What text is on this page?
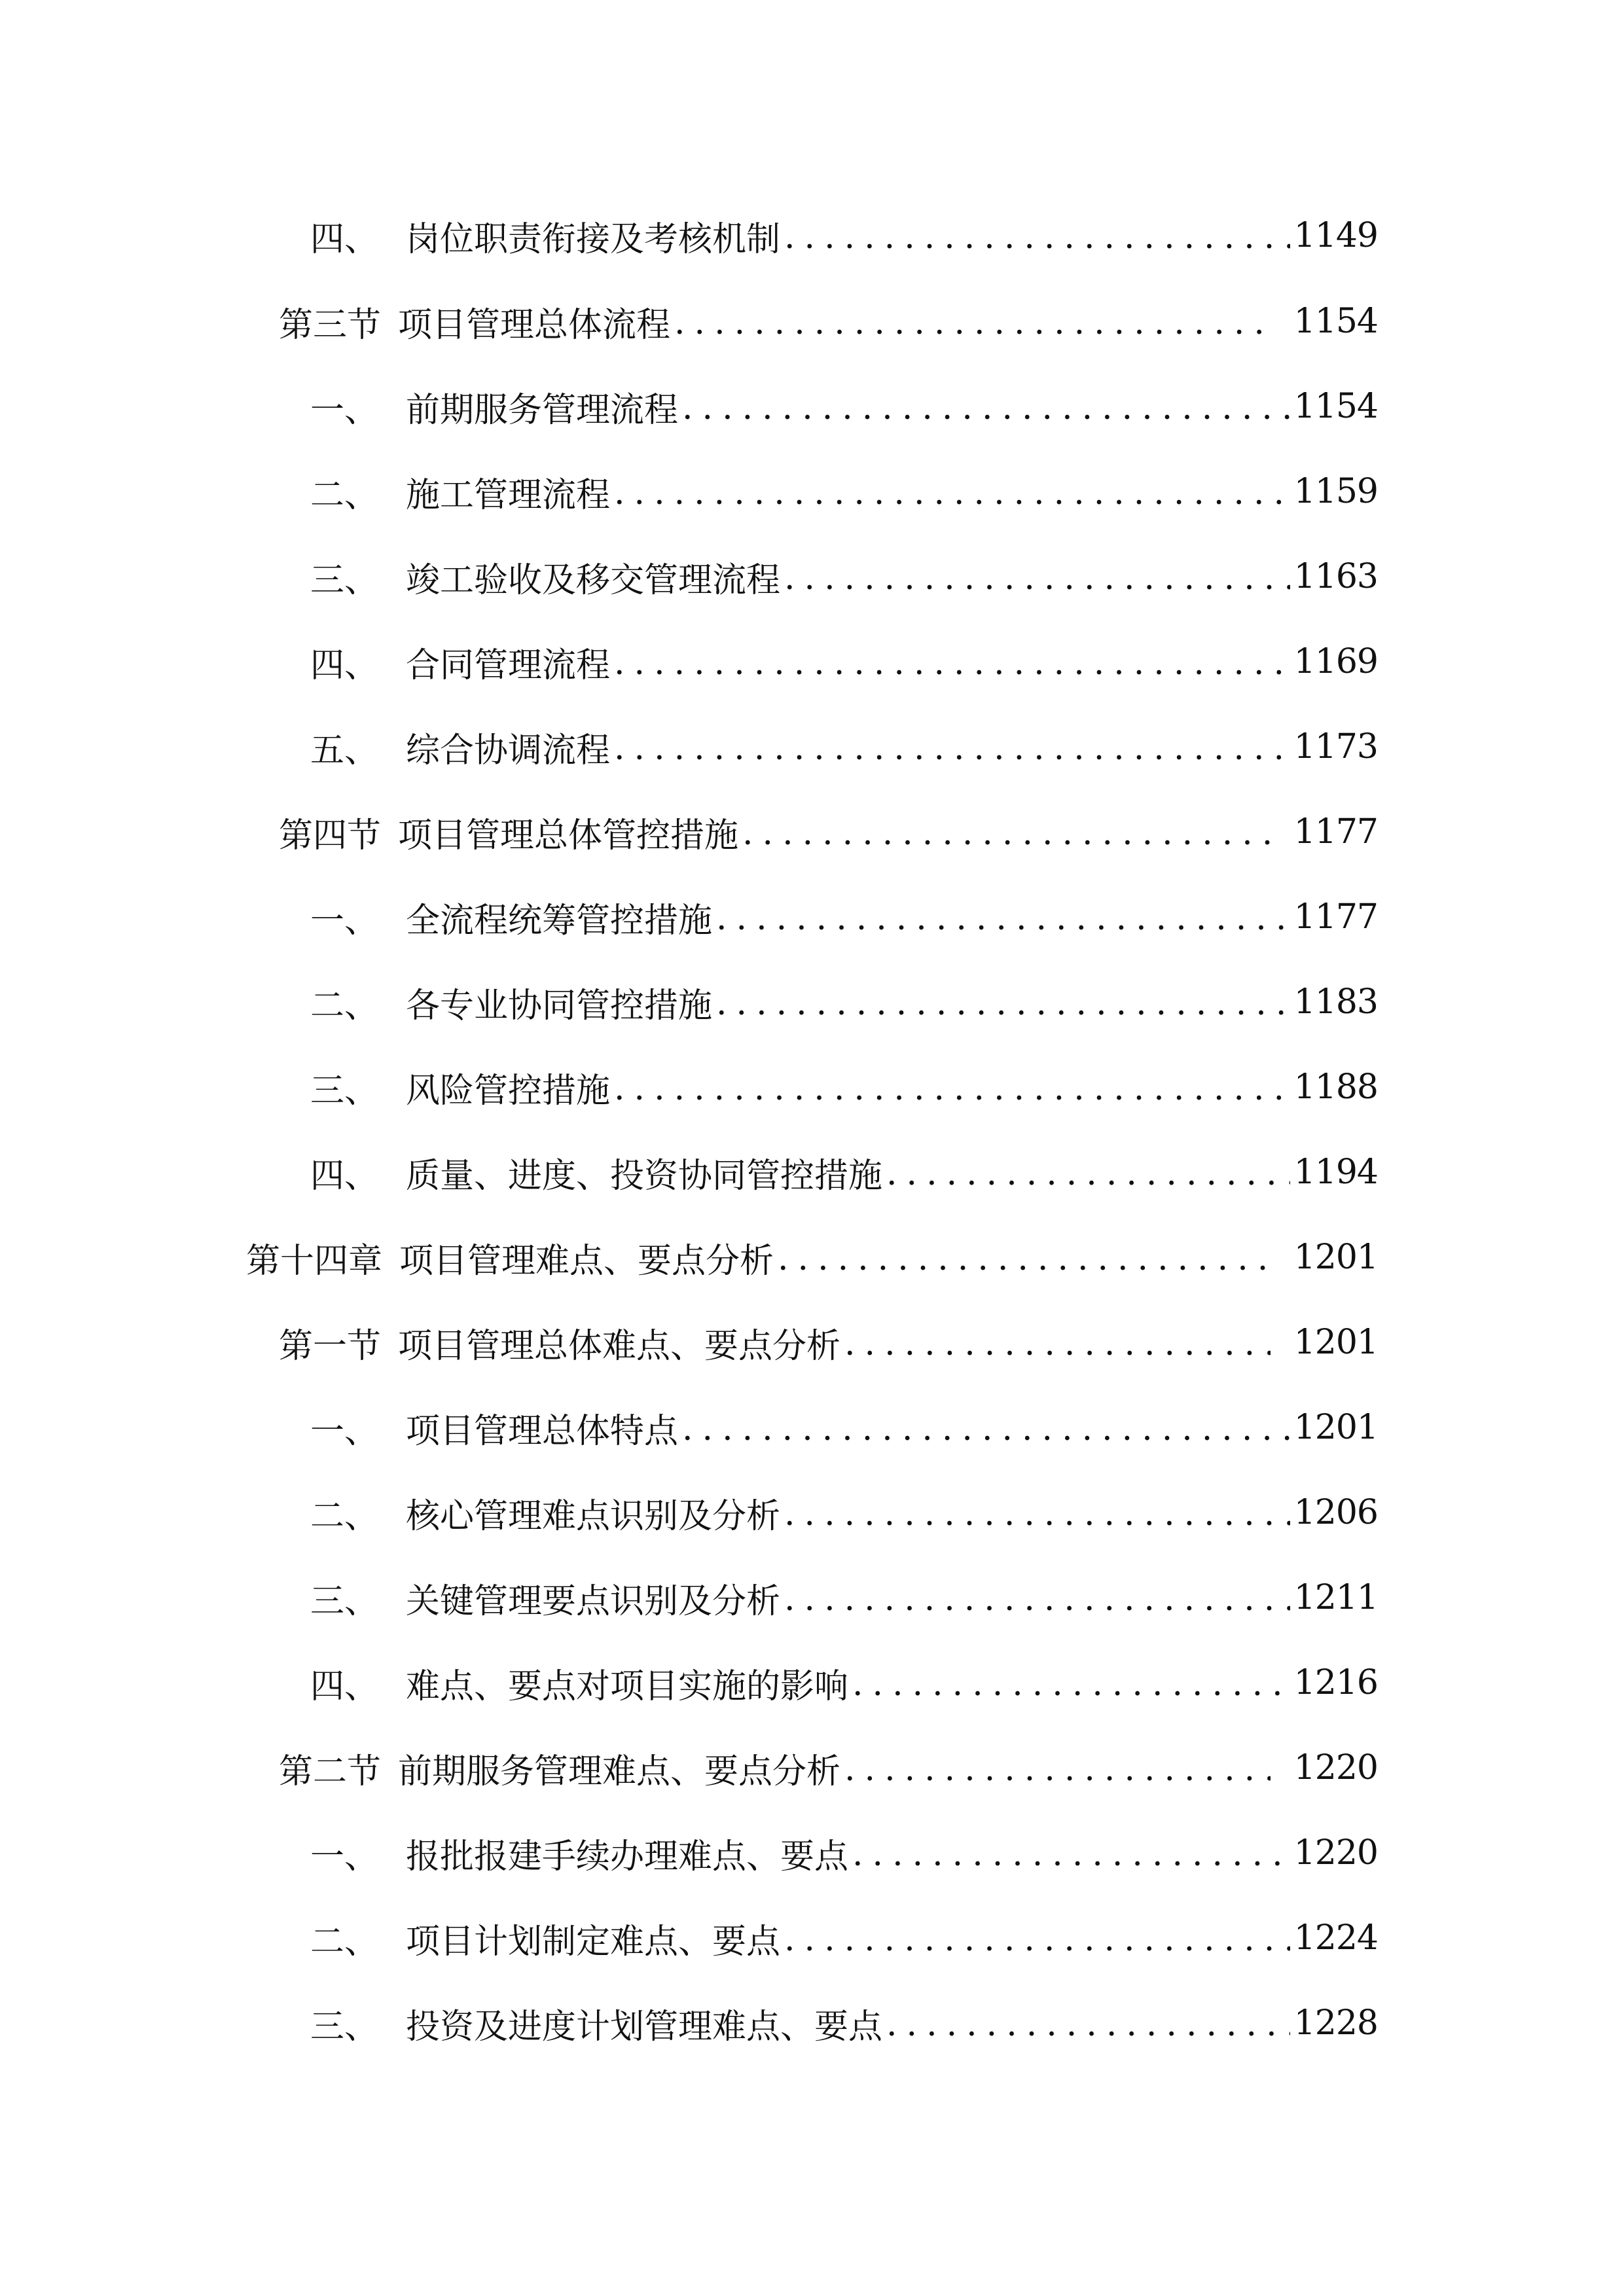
四、 岗位职责衔接及考核机制 .....	1149
第三节 项目管理总体流程 .....	1154
一、 前期服务管理流程 .....	1154
二、 施工管理流程 .....	1159
三、 竣工验收及移交管理流程 .....	1163
四、 合同管理流程 .....	1169
五、 综合协调流程 .....	1173
第四节 项目管理总体管控措施 .....	1177
一、 全流程统筹管控措施 .....	1177
二、 各专业协同管控措施 .....	1183
三、 风险管控措施 .....	1188
四、 质量、进度、投资协同管控措施 .....	1194
第十四章 项目管理难点、要点分析 .....	1201
第一节 项目管理总体难点、要点分析 .....	1201
一、 项目管理总体特点 .....	1201
二、 核心管理难点识别及分析 .....	1206
三、 关键管理要点识别及分析 .....	1211
四、 难点、要点对项目实施的影响 .....	1216
第二节 前期服务管理难点、要点分析 .....	1220
一、 报批报建手续办理难点、要点 .....	1220
二、 项目计划制定难点、要点 .....	1224
三、 投资及进度计划管理难点、要点 .....	1228
